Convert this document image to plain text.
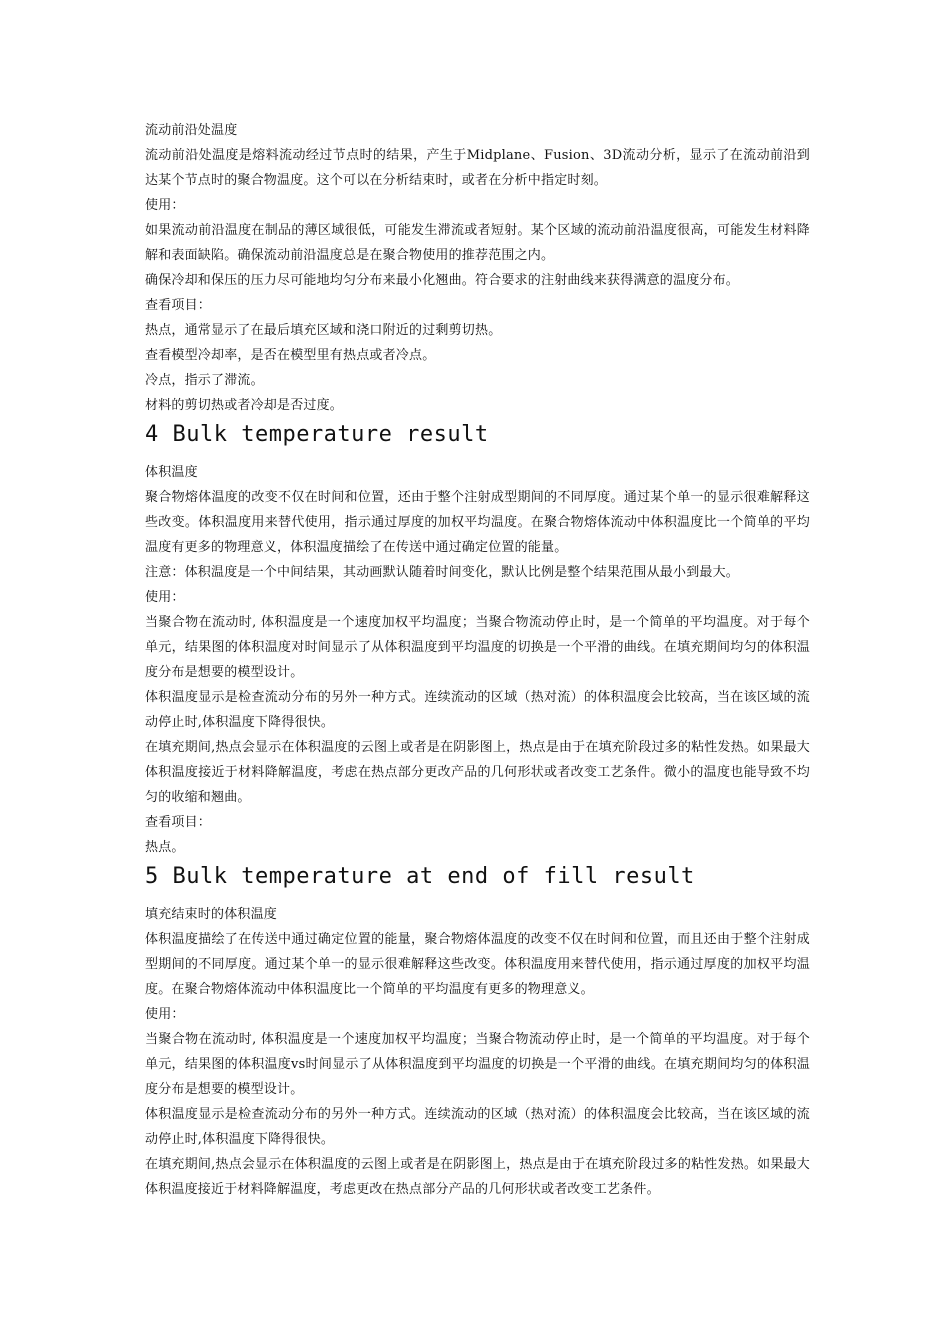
流动前沿处温度

流动前沿处温度是熔料流动经过节点时的结果，产生于Midplane、Fusion、3D流动分析，显示了在流动前沿到达某个节点时的聚合物温度。这个可以在分析结束时，或者在分析中指定时刻。

使用：

如果流动前沿温度在制品的薄区域很低，可能发生滞流或者短射。某个区域的流动前沿温度很高，可能发生材料降解和表面缺陷。确保流动前沿温度总是在聚合物使用的推荐范围之内。

确保冷却和保压的压力尽可能地均匀分布来最小化翘曲。符合要求的注射曲线来获得满意的温度分布。

查看项目：

热点，通常显示了在最后填充区域和浇口附近的过剩剪切热。

查看模型冷却率，是否在模型里有热点或者冷点。

冷点，指示了滞流。

材料的剪切热或者冷却是否过度。

4 Bulk temperature result

体积温度

聚合物熔体温度的改变不仅在时间和位置，还由于整个注射成型期间的不同厚度。通过某个单一的显示很难解释这些改变。体积温度用来替代使用，指示通过厚度的加权平均温度。在聚合物熔体流动中体积温度比一个简单的平均温度有更多的物理意义，体积温度描绘了在传送中通过确定位置的能量。

注意：体积温度是一个中间结果，其动画默认随着时间变化，默认比例是整个结果范围从最小到最大。

使用：

当聚合物在流动时, 体积温度是一个速度加权平均温度；当聚合物流动停止时，是一个简单的平均温度。对于每个单元，结果图的体积温度对时间显示了从体积温度到平均温度的切换是一个平滑的曲线。在填充期间均匀的体积温度分布是想要的模型设计。

体积温度显示是检查流动分布的另外一种方式。连续流动的区域（热对流）的体积温度会比较高，当在该区域的流动停止时,体积温度下降得很快。

在填充期间,热点会显示在体积温度的云图上或者是在阴影图上，热点是由于在填充阶段过多的粘性发热。如果最大体积温度接近于材料降解温度，考虑在热点部分更改产品的几何形状或者改变工艺条件。微小的温度也能导致不均匀的收缩和翘曲。

查看项目：

热点。

5 Bulk temperature at end of fill result

填充结束时的体积温度

体积温度描绘了在传送中通过确定位置的能量，聚合物熔体温度的改变不仅在时间和位置，而且还由于整个注射成型期间的不同厚度。通过某个单一的显示很难解释这些改变。体积温度用来替代使用，指示通过厚度的加权平均温度。在聚合物熔体流动中体积温度比一个简单的平均温度有更多的物理意义。

使用：

当聚合物在流动时, 体积温度是一个速度加权平均温度；当聚合物流动停止时，是一个简单的平均温度。对于每个单元，结果图的体积温度vs时间显示了从体积温度到平均温度的切换是一个平滑的曲线。在填充期间均匀的体积温度分布是想要的模型设计。

体积温度显示是检查流动分布的另外一种方式。连续流动的区域（热对流）的体积温度会比较高，当在该区域的流动停止时,体积温度下降得很快。

在填充期间,热点会显示在体积温度的云图上或者是在阴影图上，热点是由于在填充阶段过多的粘性发热。如果最大体积温度接近于材料降解温度，考虑更改在热点部分产品的几何形状或者改变工艺条件。
